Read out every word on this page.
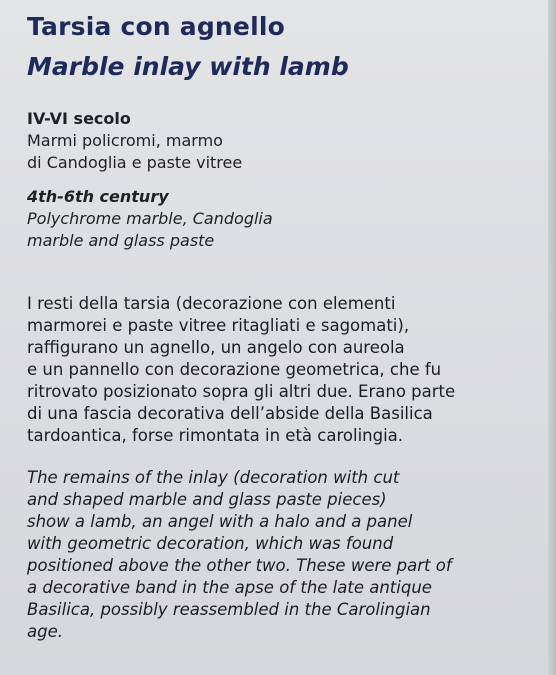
Tarsia con agnello
Marble inlay with lamb
IV-VI secolo
Marmi policromi, marmo
di Candoglia e paste vitree
4th-6th century
Polychrome marble, Candoglia
marble and glass paste
I resti della tarsia (decorazione con elementi
marmorei e paste vitree ritagliati e sagomati),
raffigurano un agnello, un angelo con aureola
e un pannello con decorazione geometrica, che fu
ritrovato posizionato sopra gli altri due. Erano parte
di una fascia decorativa dell’abside della Basilica
tardoantica, forse rimontata in età carolingia.
The remains of the inlay (decoration with cut
and shaped marble and glass paste pieces)
show a lamb, an angel with a halo and a panel
with geometric decoration, which was found
positioned above the other two. These were part of
a decorative band in the apse of the late antique
Basilica, possibly reassembled in the Carolingian
age.
